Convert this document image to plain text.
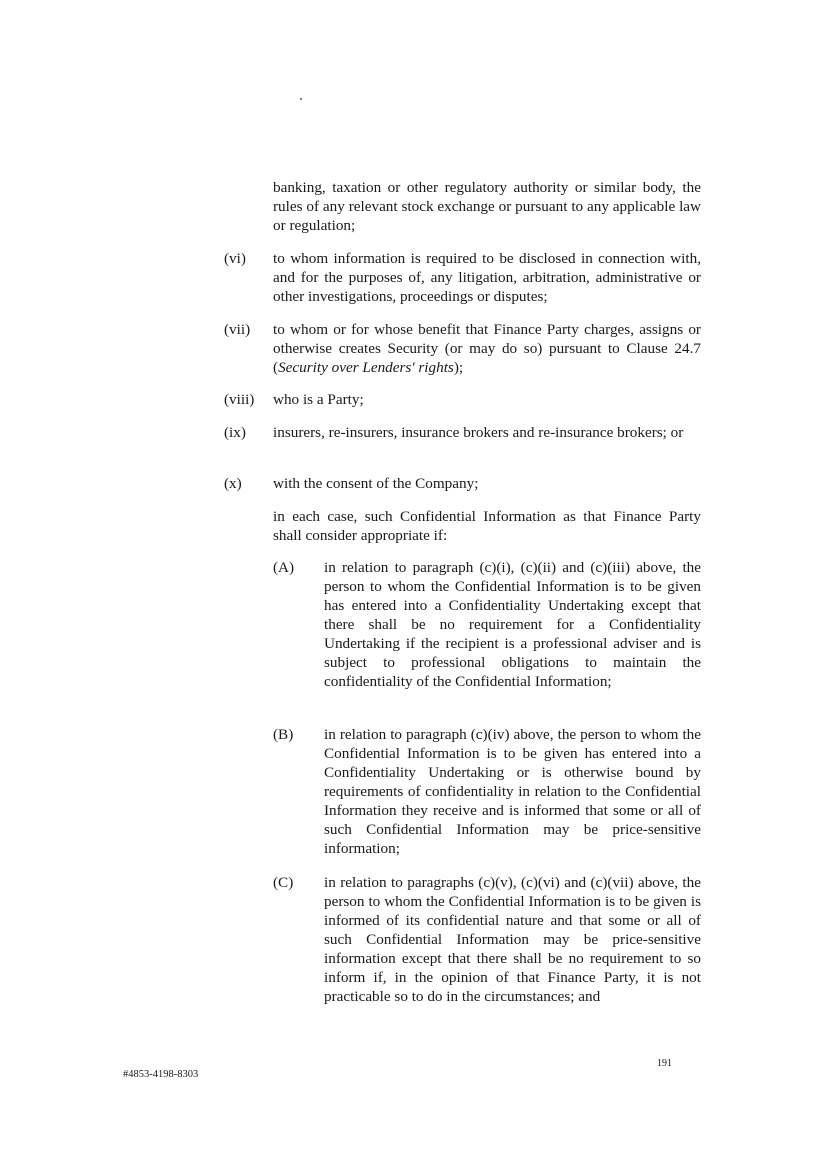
banking, taxation or other regulatory authority or similar body, the rules of any relevant stock exchange or pursuant to any applicable law or regulation;
(vi) to whom information is required to be disclosed in connection with, and for the purposes of, any litigation, arbitration, administrative or other investigations, proceedings or disputes;
(vii) to whom or for whose benefit that Finance Party charges, assigns or otherwise creates Security (or may do so) pursuant to Clause 24.7 (Security over Lenders' rights);
(viii) who is a Party;
(ix) insurers, re-insurers, insurance brokers and re-insurance brokers; or
(x) with the consent of the Company;
in each case, such Confidential Information as that Finance Party shall consider appropriate if:
(A) in relation to paragraph (c)(i), (c)(ii) and (c)(iii) above, the person to whom the Confidential Information is to be given has entered into a Confidentiality Undertaking except that there shall be no requirement for a Confidentiality Undertaking if the recipient is a professional adviser and is subject to professional obligations to maintain the confidentiality of the Confidential Information;
(B) in relation to paragraph (c)(iv) above, the person to whom the Confidential Information is to be given has entered into a Confidentiality Undertaking or is otherwise bound by requirements of confidentiality in relation to the Confidential Information they receive and is informed that some or all of such Confidential Information may be price-sensitive information;
(C) in relation to paragraphs (c)(v), (c)(vi) and (c)(vii) above, the person to whom the Confidential Information is to be given is informed of its confidential nature and that some or all of such Confidential Information may be price-sensitive information except that there shall be no requirement to so inform if, in the opinion of that Finance Party, it is not practicable so to do in the circumstances; and
191
#4853-4198-8303
